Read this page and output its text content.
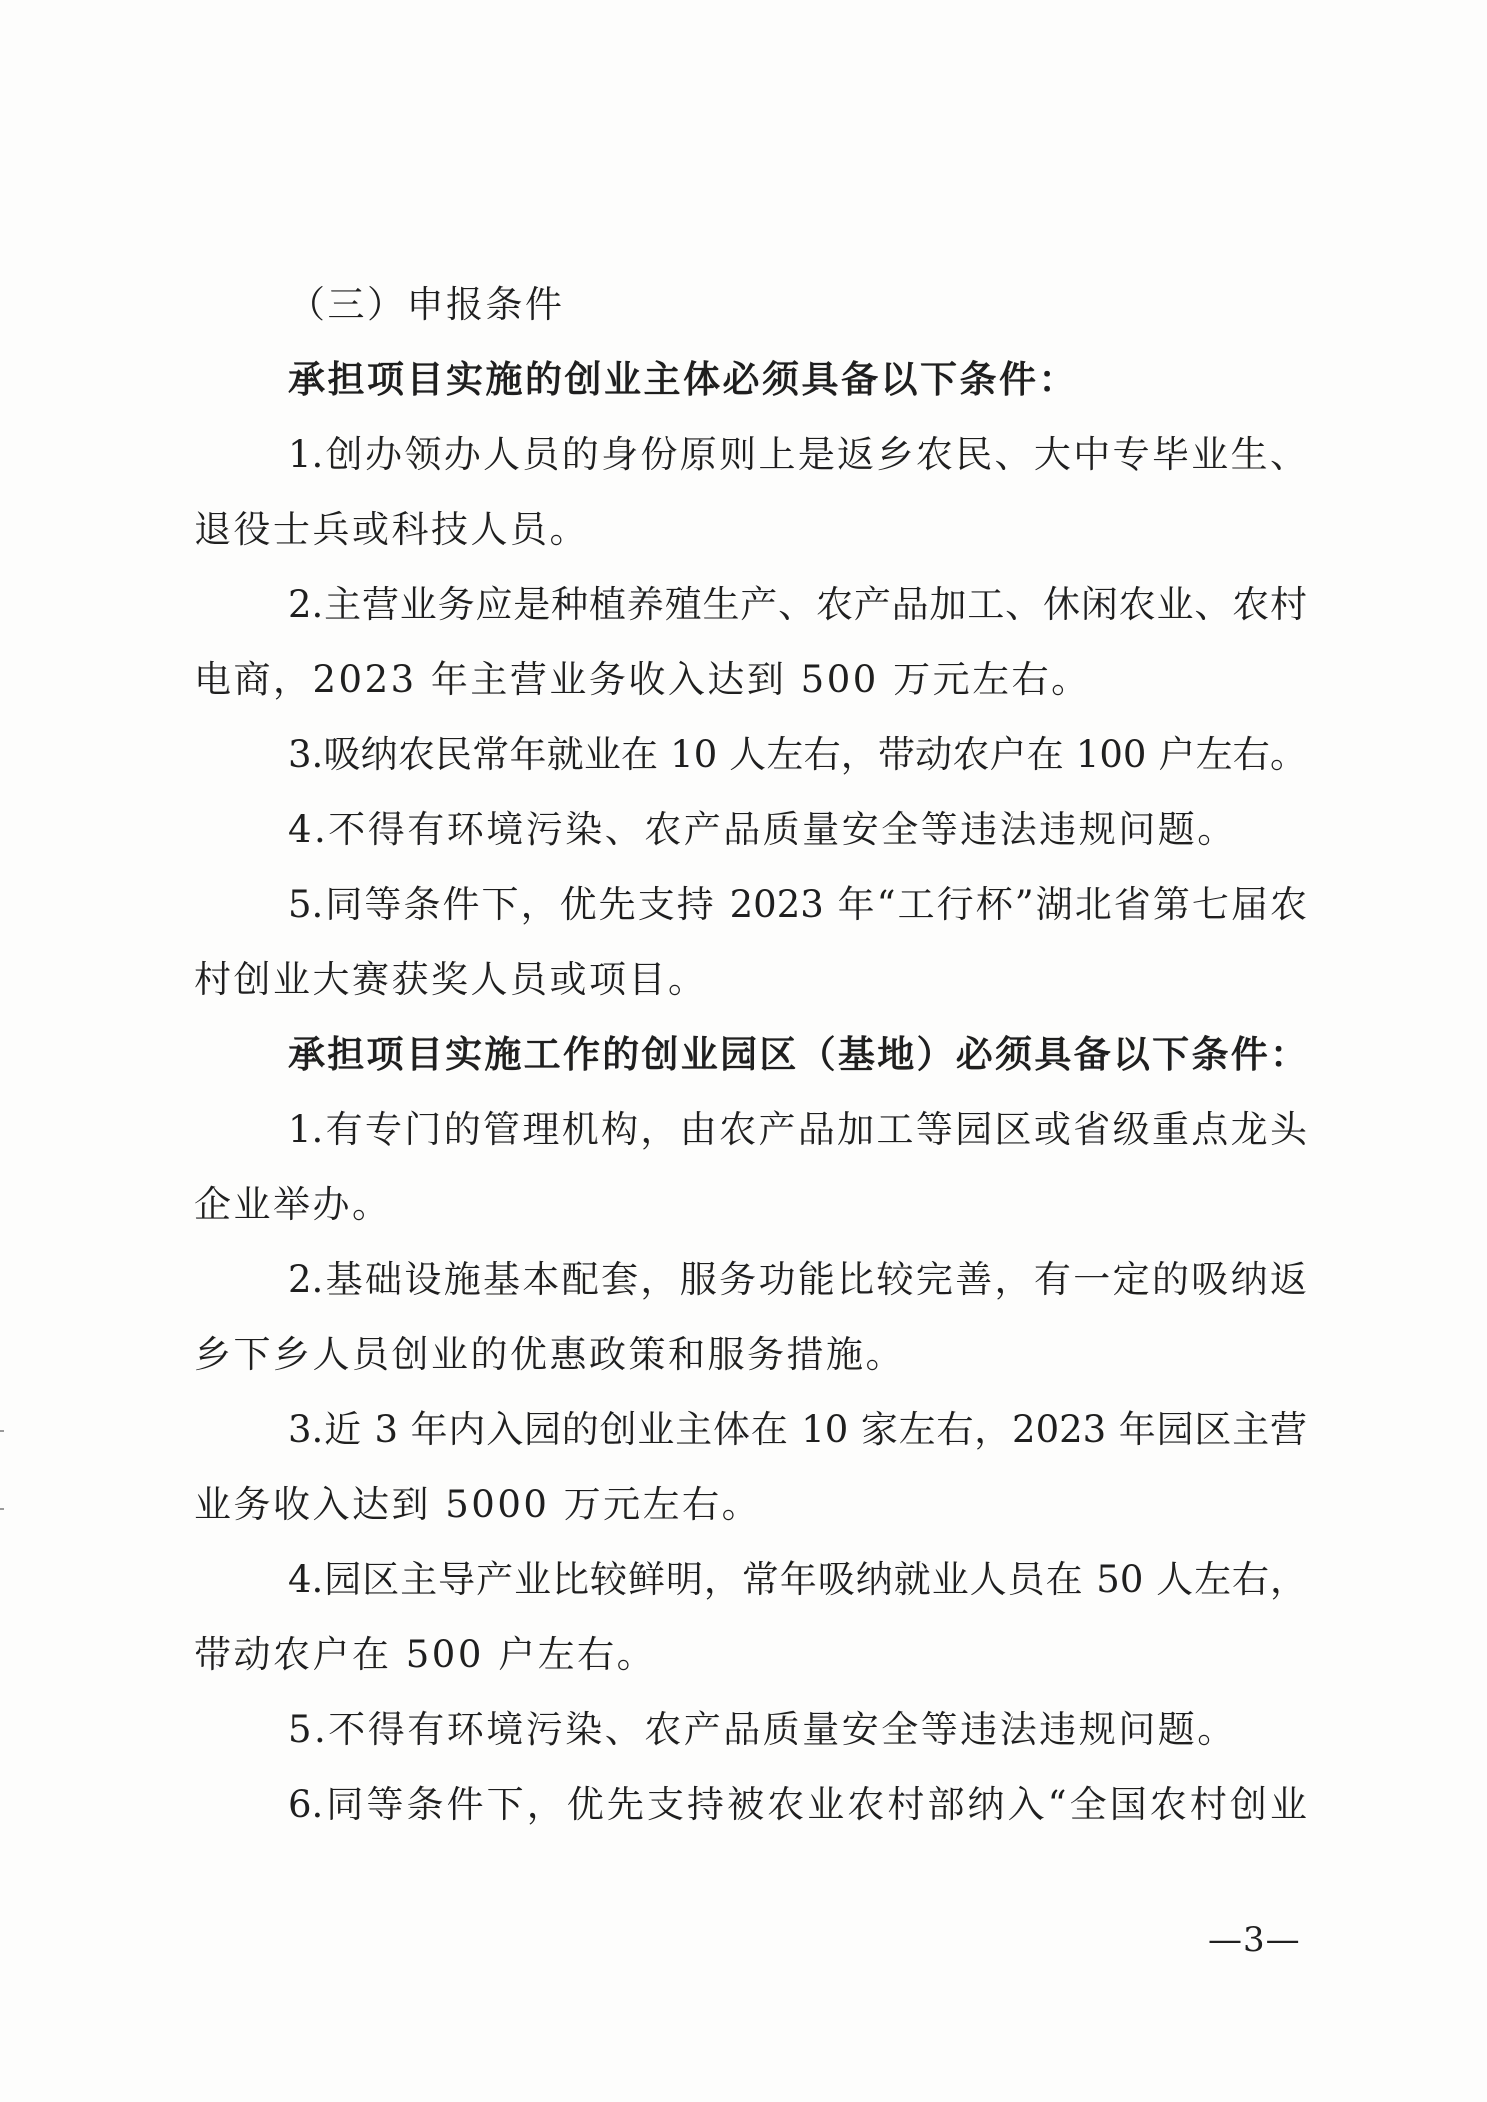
（三）申报条件
承担项目实施的创业主体必须具备以下条件：
1.创办领办人员的身份原则上是返乡农民、大中专毕业生、
退役士兵或科技人员。
2.主营业务应是种植养殖生产、农产品加工、休闲农业、农村
电商，2023 年主营业务收入达到 500 万元左右。
3.吸纳农民常年就业在 10 人左右，带动农户在 100 户左右。
4.不得有环境污染、农产品质量安全等违法违规问题。
5.同等条件下，优先支持 2023 年“工行杯”湖北省第七届农
村创业大赛获奖人员或项目。
承担项目实施工作的创业园区（基地）必须具备以下条件：
1.有专门的管理机构，由农产品加工等园区或省级重点龙头
企业举办。
2.基础设施基本配套，服务功能比较完善，有一定的吸纳返
乡下乡人员创业的优惠政策和服务措施。
3.近 3 年内入园的创业主体在 10 家左右，2023 年园区主营
业务收入达到 5000 万元左右。
4.园区主导产业比较鲜明，常年吸纳就业人员在 50 人左右，
带动农户在 500 户左右。
5.不得有环境污染、农产品质量安全等违法违规问题。
6.同等条件下，优先支持被农业农村部纳入“全国农村创业
—3—
